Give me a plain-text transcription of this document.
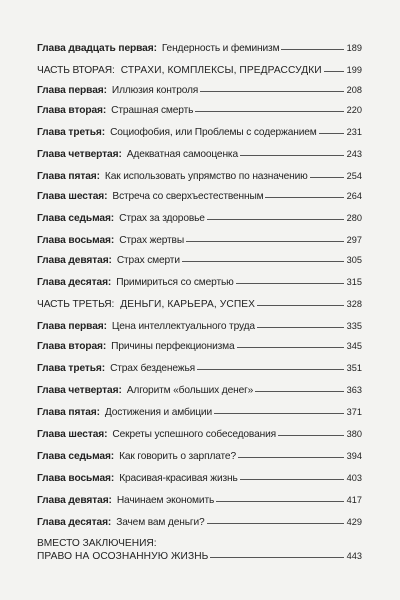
Глава двадцать первая: Гендерность и феминизм	189
ЧАСТЬ ВТОРАЯ: СТРАХИ, КОМПЛЕКСЫ, ПРЕДРАССУДКИ	199
Глава первая: Иллюзия контроля	208
Глава вторая: Страшная смерть	220
Глава третья: Социофобия, или Проблемы с содержанием	231
Глава четвертая: Адекватная самооценка	243
Глава пятая: Как использовать упрямство по назначению	254
Глава шестая: Встреча со сверхъестественным	264
Глава седьмая: Страх за здоровье	280
Глава восьмая: Страх жертвы	297
Глава девятая: Страх смерти	305
Глава десятая: Примириться со смертью	315
ЧАСТЬ ТРЕТЬЯ: ДЕНЬГИ, КАРЬЕРА, УСПЕХ	328
Глава первая: Цена интеллектуального труда	335
Глава вторая: Причины перфекционизма	345
Глава третья: Страх безденежья	351
Глава четвертая: Алгоритм «больших денег»	363
Глава пятая: Достижения и амбиции	371
Глава шестая: Секреты успешного собеседования	380
Глава седьмая: Как говорить о зарплате?	394
Глава восьмая: Красивая-красивая жизнь	403
Глава девятая: Начинаем экономить	417
Глава десятая: Зачем вам деньги?	429
ВМЕСТО ЗАКЛЮЧЕНИЯ:
ПРАВО НА ОСОЗНАННУЮ ЖИЗНЬ	443
